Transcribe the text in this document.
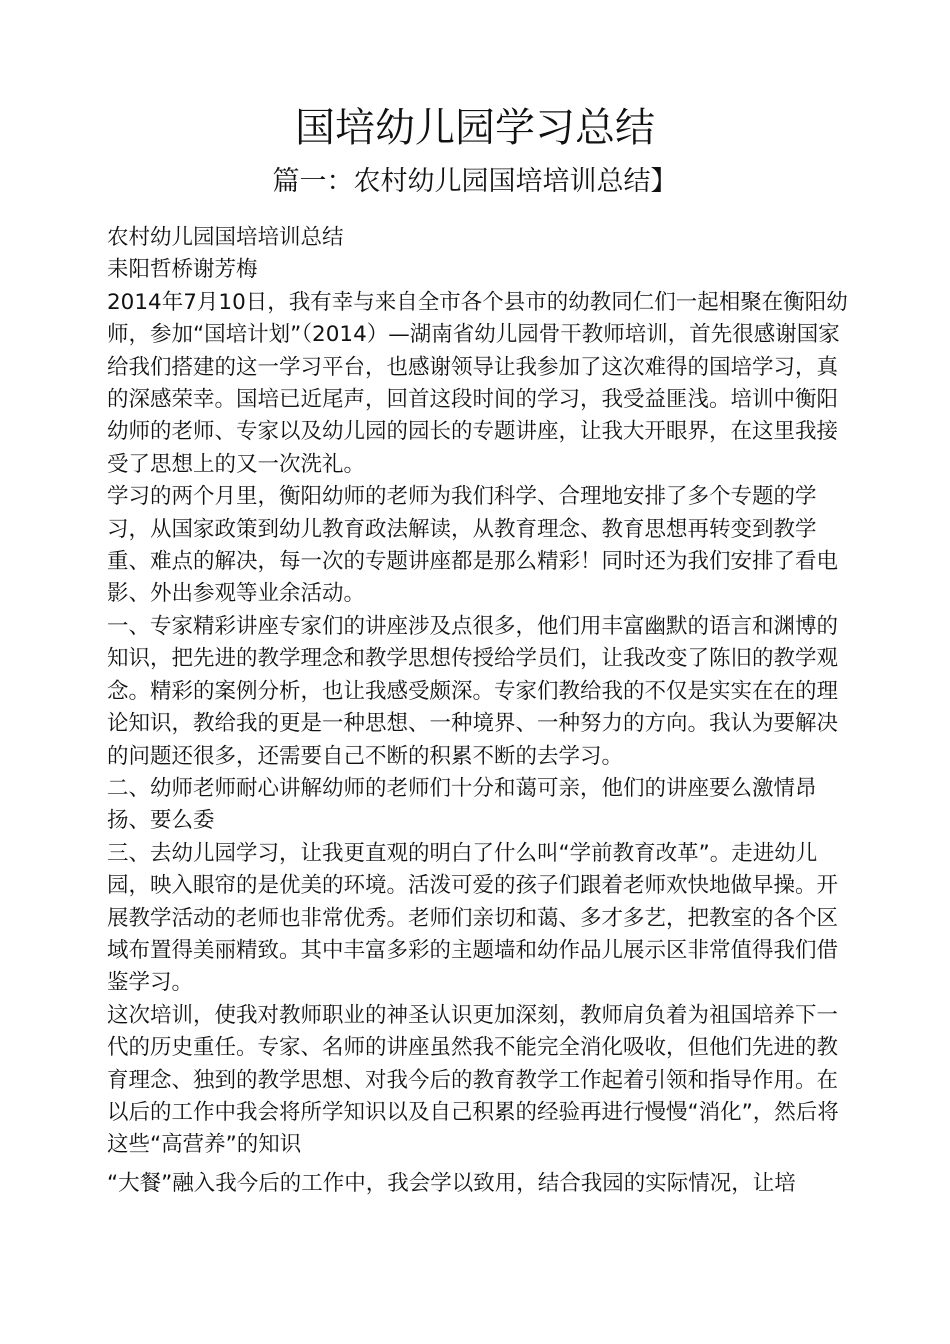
国培幼儿园学习总结
篇一：农村幼儿园国培培训总结】

农村幼儿园国培培训总结

耒阳哲桥谢芳梅

2014年7月10日，我有幸与来自全市各个县市的幼教同仁们一起相聚在衡阳幼师，参加“国培计划”（2014）—湖南省幼儿园骨干教师培训，首先很感谢国家给我们搭建的这一学习平台，也感谢领导让我参加了这次难得的国培学习，真的深感荣幸。国培已近尾声，回首这段时间的学习，我受益匪浅。培训中衡阳幼师的老师、专家以及幼儿园的园长的专题讲座，让我大开眼界，在这里我接受了思想上的又一次洗礼。

学习的两个月里，衡阳幼师的老师为我们科学、合理地安排了多个专题的学习，从国家政策到幼儿教育政法解读，从教育理念、教育思想再转变到教学重、难点的解决，每一次的专题讲座都是那么精彩！同时还为我们安排了看电影、外出参观等业余活动。

一、专家精彩讲座专家们的讲座涉及点很多，他们用丰富幽默的语言和渊博的知识，把先进的教学理念和教学思想传授给学员们，让我改变了陈旧的教学观念。精彩的案例分析，也让我感受颇深。专家们教给我的不仅是实实在在的理论知识，教给我的更是一种思想、一种境界、一种努力的方向。我认为要解决的问题还很多，还需要自己不断的积累不断的去学习。

二、幼师老师耐心讲解幼师的老师们十分和蔼可亲，他们的讲座要么激情昂扬、要么委

三、去幼儿园学习，让我更直观的明白了什么叫“学前教育改革”。走进幼儿园，映入眼帘的是优美的环境。活泼可爱的孩子们跟着老师欢快地做早操。开展教学活动的老师也非常优秀。老师们亲切和蔼、多才多艺，把教室的各个区域布置得美丽精致。其中丰富多彩的主题墙和幼作品儿展示区非常值得我们借鉴学习。

这次培训，使我对教师职业的神圣认识更加深刻，教师肩负着为祖国培养下一代的历史重任。专家、名师的讲座虽然我不能完全消化吸收，但他们先进的教育理念、独到的教学思想、对我今后的教育教学工作起着引领和指导作用。在以后的工作中我会将所学知识以及自己积累的经验再进行慢慢“消化”，然后将这些“高营养”的知识

“大餐”融入我今后的工作中，我会学以致用，结合我园的实际情况，让培
